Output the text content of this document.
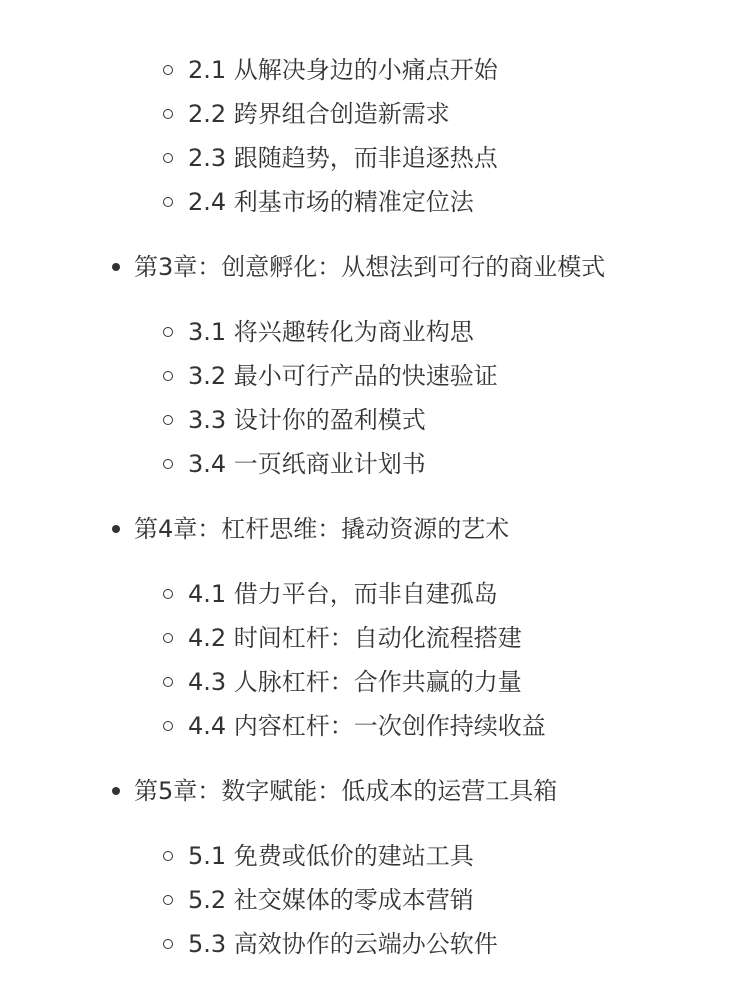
2.1 从解决身边的小痛点开始
2.2 跨界组合创造新需求
2.3 跟随趋势，而非追逐热点
2.4 利基市场的精准定位法
第3章：创意孵化：从想法到可行的商业模式
3.1 将兴趣转化为商业构思
3.2 最小可行产品的快速验证
3.3 设计你的盈利模式
3.4 一页纸商业计划书
第4章：杠杆思维：撬动资源的艺术
4.1 借力平台，而非自建孤岛
4.2 时间杠杆：自动化流程搭建
4.3 人脉杠杆：合作共赢的力量
4.4 内容杠杆：一次创作持续收益
第5章：数字赋能：低成本的运营工具箱
5.1 免费或低价的建站工具
5.2 社交媒体的零成本营销
5.3 高效协作的云端办公软件
